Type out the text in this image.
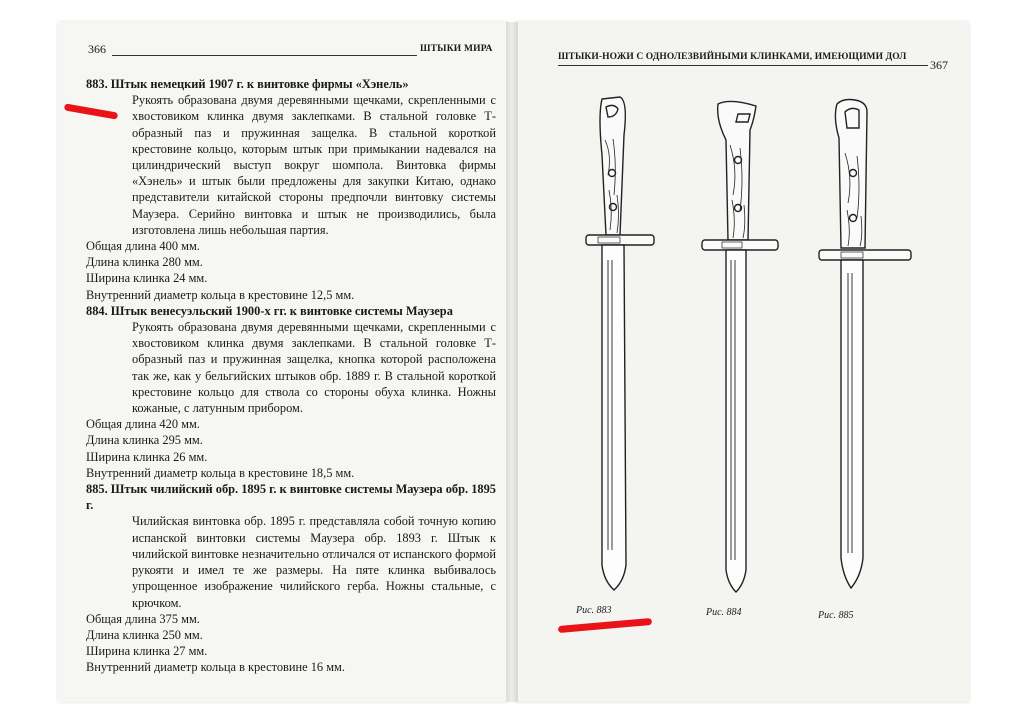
366	ШТЫКИ МИРА
ШТЫКИ-НОЖИ С ОДНОЛЕЗВИЙНЫМИ КЛИНКАМИ, ИМЕЮЩИМИ ДОЛ
367

883. Штык немецкий 1907 г. к винтовке фирмы «Хэнель»

Рукоять образована двумя деревянными щечками, скрепленными с хвостовиком клинка двумя заклепками. В стальной головке Т-образный паз и пружинная защелка. В стальной короткой крестовине кольцо, которым штык при примыкании надевался на цилиндрический выступ вокруг шомпола. Винтовка фирмы «Хэнель» и штык были предложены для закупки Китаю, однако представители китайской стороны предпочли винтовку системы Маузера. Серийно винтовка и штык не производились, была изготовлена лишь небольшая партия.

Общая длина 400 мм.

Длина клинка 280 мм.

Ширина клинка 24 мм.

Внутренний диаметр кольца в крестовине 12,5 мм.

884. Штык венесуэльский 1900-х гг. к винтовке системы Маузера

Рукоять образована двумя деревянными щечками, скрепленными с хвостовиком клинка двумя заклепками. В стальной головке Т-образный паз и пружинная защелка, кнопка которой расположена так же, как у бельгийских штыков обр. 1889 г. В стальной короткой крестовине кольцо для ствола со стороны обуха клинка. Ножны кожаные, с латунным прибором.

Общая длина 420 мм.

Длина клинка 295 мм.

Ширина клинка 26 мм.

Внутренний диаметр кольца в крестовине 18,5 мм.

885. Штык чилийский обр. 1895 г. к винтовке системы Маузера обр. 1895 г.

Чилийская винтовка обр. 1895 г. представляла собой точную копию испанской винтовки системы Маузера обр. 1893 г. Штык к чилийской винтовке незначительно отличался от испанского формой рукояти и имел те же размеры. На пяте клинка выбивалось упрощенное изображение чилийского герба. Ножны стальные, с крючком.

Общая длина 375 мм.

Длина клинка 250 мм.

Ширина клинка 27 мм.

Внутренний диаметр кольца в крестовине 16 мм.

Рис. 883	Рис. 884	Рис. 885
